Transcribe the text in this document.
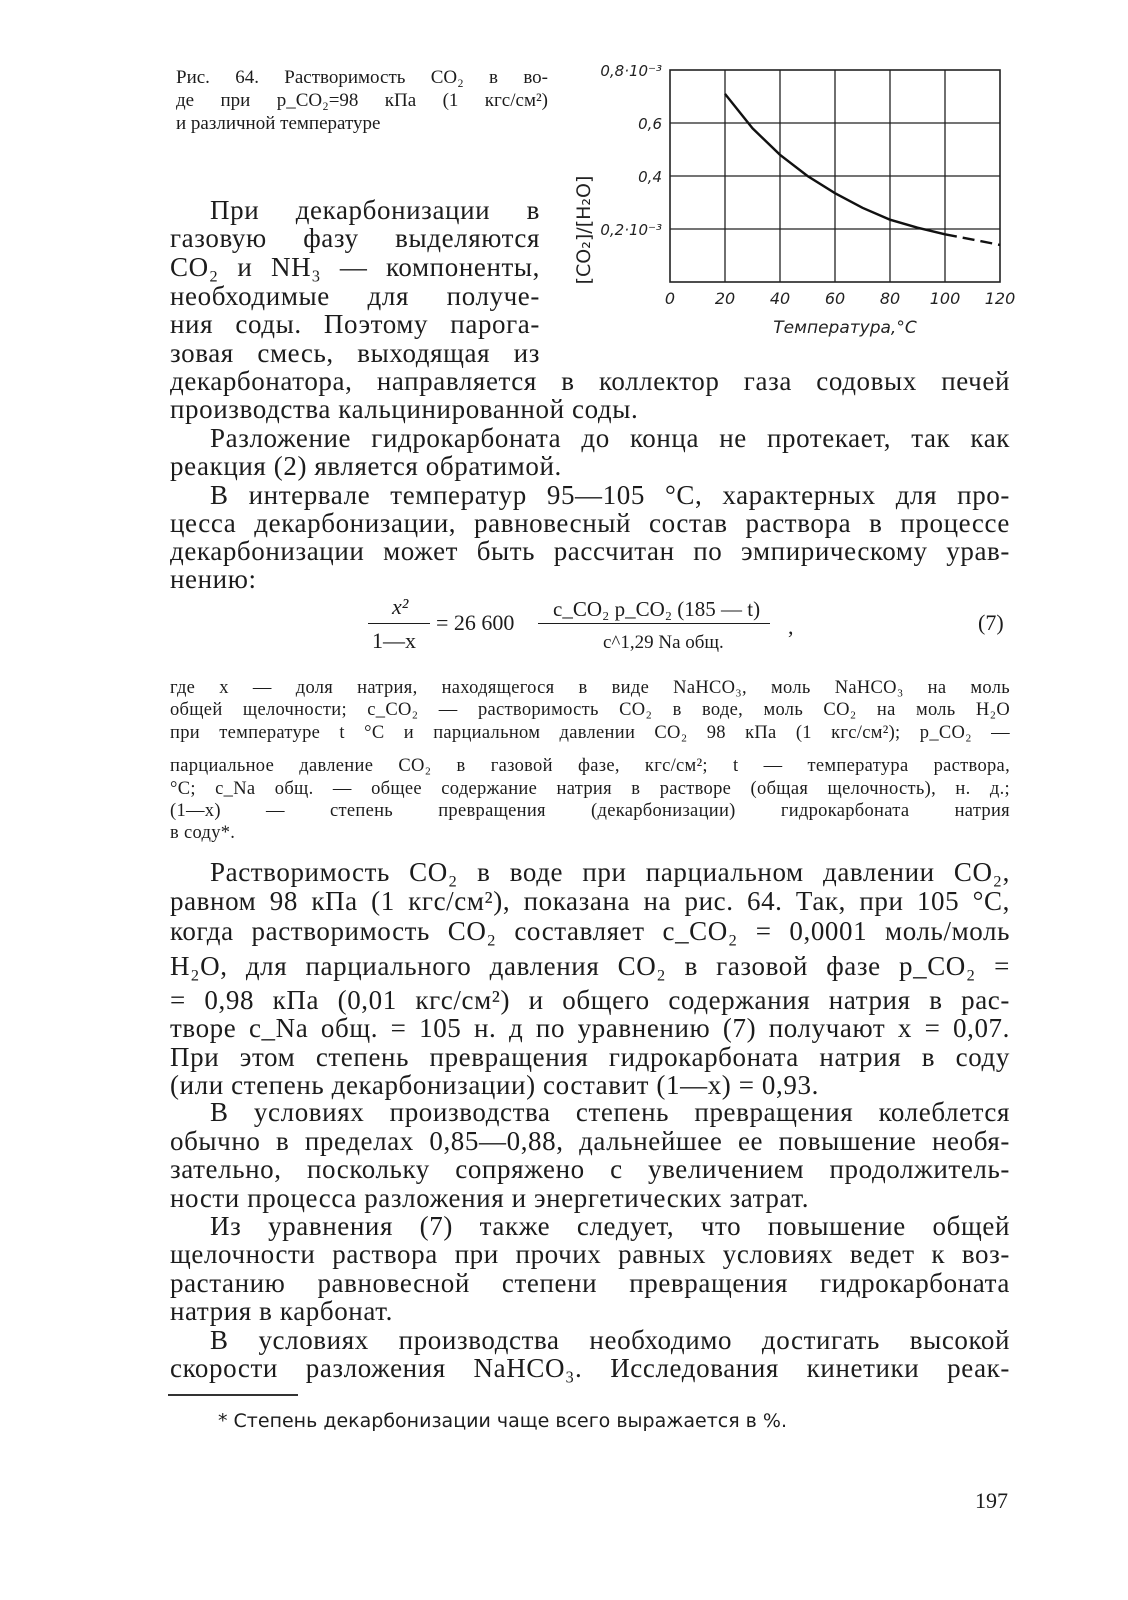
Рис. 64. Растворимость CO₂ в во-
де при p_CO₂=98 кПа (1 кгс/см²)
и различной температуре
0 20 40 60 80 100 120
0,2·10⁻³
0,4
0,6
0,8·10⁻³
[CO₂]/[H₂O]
Температура,°С
При декарбонизации в
газовую фазу выделяются
CO₂ и NH₃ — компоненты,
необходимые для получе-
ния соды. Поэтому парога-
зовая смесь, выходящая из
декарбонатора, направляется в коллектор газа содовых печей
производства кальцинированной соды.
Разложение гидрокарбоната до конца не протекает, так как
реакция (2) является обратимой.
В интервале температур 95—105 °С, характерных для про-
цесса декарбонизации, равновесный состав раствора в процессе
декарбонизации может быть рассчитан по эмпирическому урав-
нению:
x²
1—x
= 26 600
c_CO₂ p_CO₂ (185 — t)
c^1,29 Na общ.
,	(7)
где x — доля натрия, находящегося в виде NaHCO₃, моль NaHCO₃ на моль
общей щелочности; c_CO₂ — растворимость CO₂ в воде, моль CO₂ на моль H₂O
при температуре t °С и парциальном давлении CO₂ 98 кПа (1 кгс/см²); p_CO₂ —
парциальное давление CO₂ в газовой фазе, кгс/см²; t — температура раствора,
°С; c_Na общ. — общее содержание натрия в растворе (общая щелочность), н. д.;
(1—x) — степень превращения (декарбонизации) гидрокарбоната натрия
в соду*.
Растворимость CO₂ в воде при парциальном давлении CO₂,
равном 98 кПа (1 кгс/см²), показана на рис. 64. Так, при 105 °С,
когда растворимость CO₂ составляет c_CO₂ = 0,0001 моль/моль
H₂O, для парциального давления CO₂ в газовой фазе p_CO₂ =
= 0,98 кПа (0,01 кгс/см²) и общего содержания натрия в рас-
творе c_Na общ. = 105 н. д по уравнению (7) получают x = 0,07.
При этом степень превращения гидрокарбоната натрия в соду
(или степень декарбонизации) составит (1—x) = 0,93.
В условиях производства степень превращения колеблется
обычно в пределах 0,85—0,88, дальнейшее ее повышение необя-
зательно, поскольку сопряжено с увеличением продолжитель-
ности процесса разложения и энергетических затрат.
Из уравнения (7) также следует, что повышение общей
щелочности раствора при прочих равных условиях ведет к воз-
растанию равновесной степени превращения гидрокарбоната
натрия в карбонат.
В условиях производства необходимо достигать высокой
скорости разложения NaHCO₃. Исследования кинетики реак-
* Степень декарбонизации чаще всего выражается в %.
197
